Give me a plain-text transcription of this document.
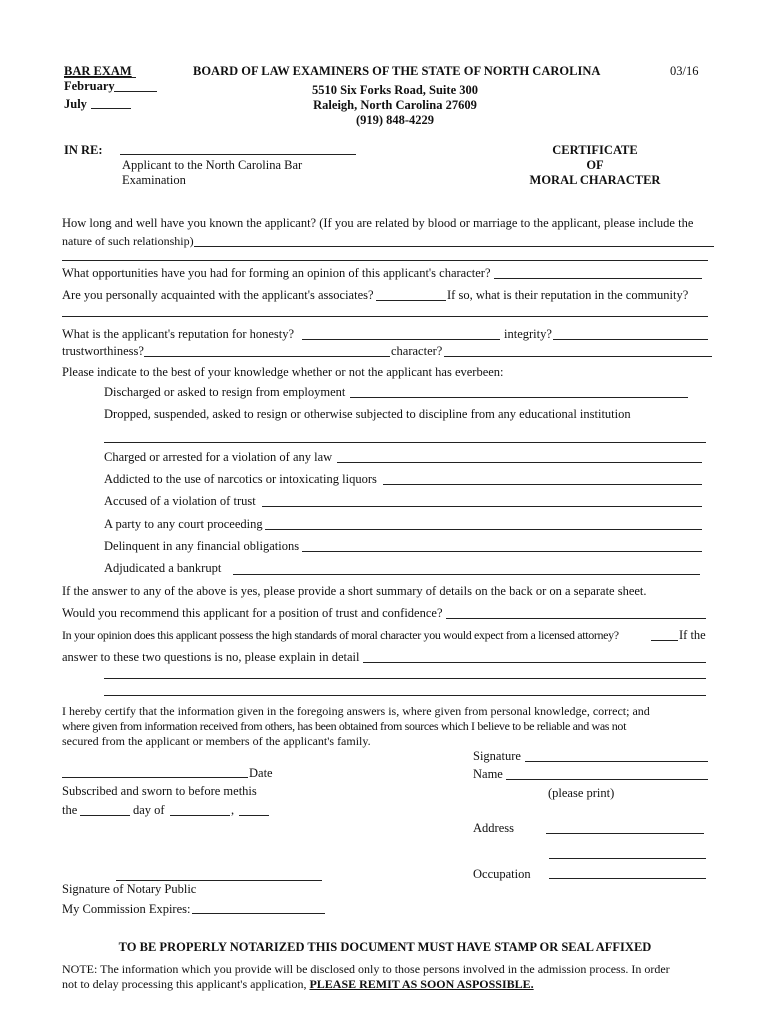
BAR EXAM
February
July
BOARD OF LAW EXAMINERS OF THE STATE OF NORTH CAROLINA
5510 Six Forks Road, Suite 300
Raleigh, North Carolina 27609
(919) 848-4229
03/16
IN RE:
Applicant to the North Carolina Bar
Examination
CERTIFICATE
OF
MORAL CHARACTER
How long and well have you known the applicant? (If you are related by blood or marriage to the applicant, please include the
nature of such relationship)
What opportunities have you had for forming an opinion of this applicant's character?
Are you personally acquainted with the applicant's associates?	If so, what is their reputation in the community?
What is the applicant's reputation for honesty?	integrity?
trustworthiness?	character?
Please indicate to the best of your knowledge whether or not the applicant has everbeen:
Discharged or asked to resign from employment
Dropped, suspended, asked to resign or otherwise subjected to discipline from any educational institution
Charged or arrested for a violation of any law
Addicted to the use of narcotics or intoxicating liquors
Accused of a violation of trust
A party to any court proceeding
Delinquent in any financial obligations
Adjudicated a bankrupt
If the answer to any of the above is yes, please provide a short summary of details on the back or on a separate sheet.
Would you recommend this applicant for a position of trust and confidence?
In your opinion does this applicant possess the high standards of moral character you would expect from a licensed attorney?	If the
answer to these two questions is no, please explain in detail
I hereby certify that the information given in the foregoing answers is, where given from personal knowledge, correct; and
where given from information received from others, has been obtained from sources which I believe to be reliable and was not
secured from the applicant or members of the applicant's family.
Signature
Date	Name
Subscribed and sworn to before methis	(please print)
the	day of	,
Address
Occupation
Signature of Notary Public
My Commission Expires:
TO BE PROPERLY NOTARIZED THIS DOCUMENT MUST HAVE STAMP OR SEAL AFFIXED
NOTE: The information which you provide will be disclosed only to those persons involved in the admission process. In order
not to delay processing this applicant's application, PLEASE REMIT AS SOON ASPOSSIBLE.
